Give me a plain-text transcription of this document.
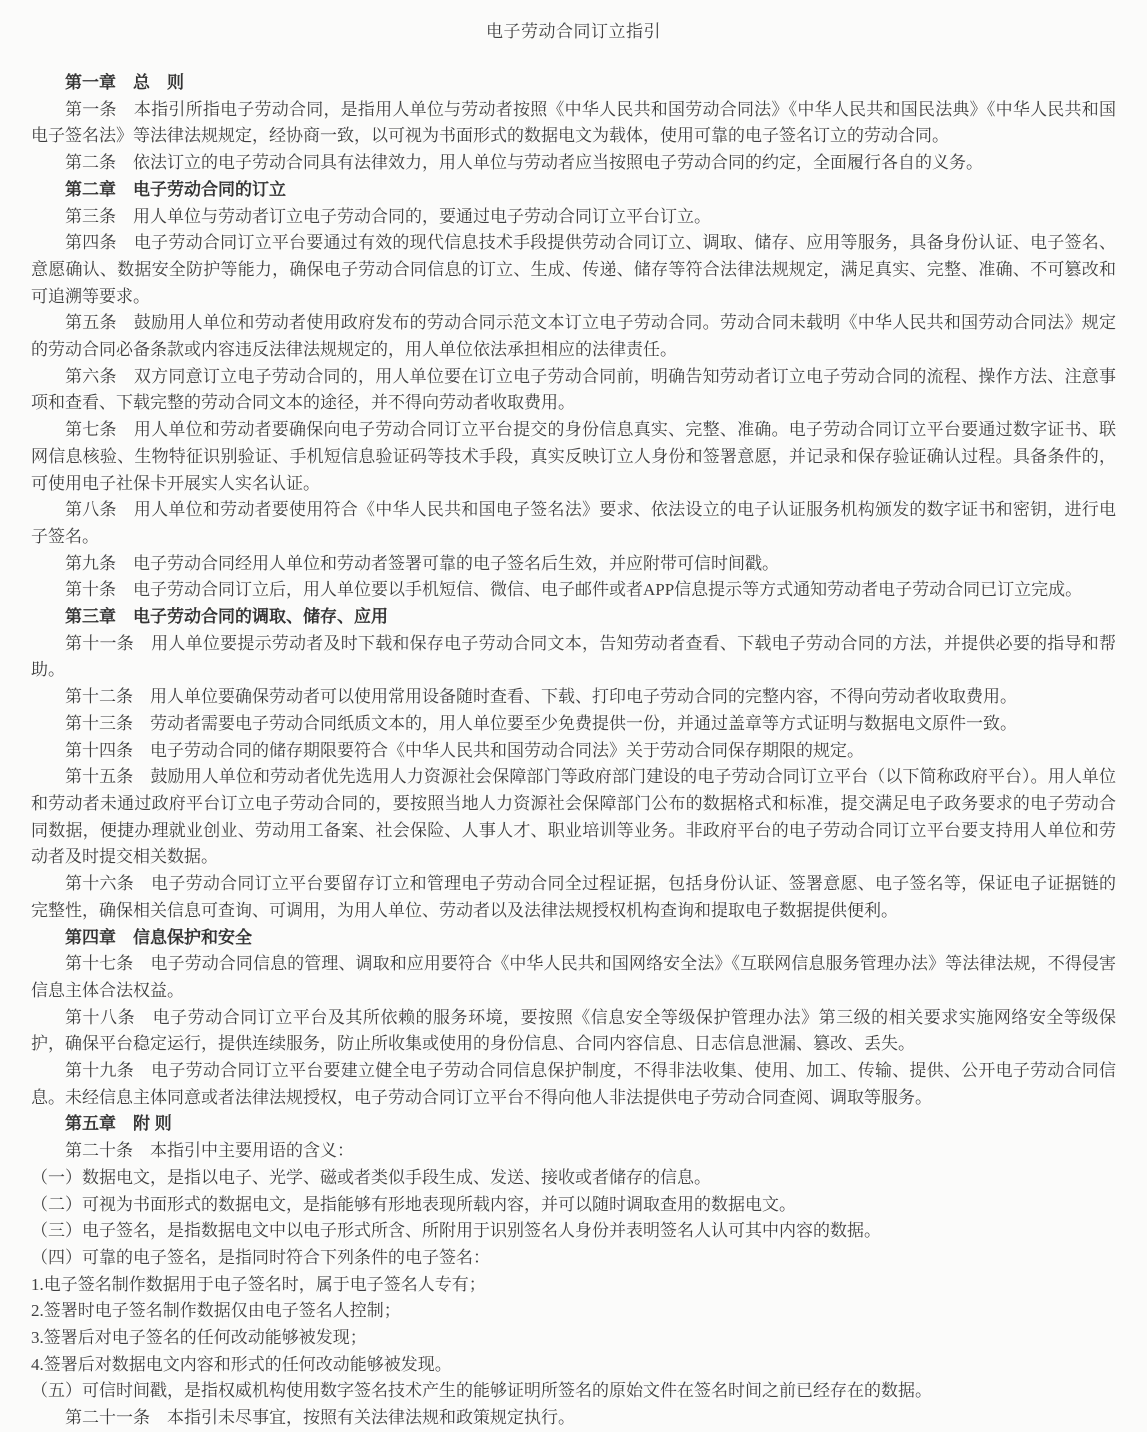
电子劳动合同订立指引

第一章　总　则

第一条　本指引所指电子劳动合同，是指用人单位与劳动者按照《中华人民共和国劳动合同法》《中华人民共和国民法典》《中华人民共和国电子签名法》等法律法规规定，经协商一致，以可视为书面形式的数据电文为载体，使用可靠的电子签名订立的劳动合同。

第二条　依法订立的电子劳动合同具有法律效力，用人单位与劳动者应当按照电子劳动合同的约定，全面履行各自的义务。

第二章　电子劳动合同的订立

第三条　用人单位与劳动者订立电子劳动合同的，要通过电子劳动合同订立平台订立。

第四条　电子劳动合同订立平台要通过有效的现代信息技术手段提供劳动合同订立、调取、储存、应用等服务，具备身份认证、电子签名、意愿确认、数据安全防护等能力，确保电子劳动合同信息的订立、生成、传递、储存等符合法律法规规定，满足真实、完整、准确、不可篡改和可追溯等要求。

第五条　鼓励用人单位和劳动者使用政府发布的劳动合同示范文本订立电子劳动合同。劳动合同未载明《中华人民共和国劳动合同法》规定的劳动合同必备条款或内容违反法律法规规定的，用人单位依法承担相应的法律责任。

第六条　双方同意订立电子劳动合同的，用人单位要在订立电子劳动合同前，明确告知劳动者订立电子劳动合同的流程、操作方法、注意事项和查看、下载完整的劳动合同文本的途径，并不得向劳动者收取费用。

第七条　用人单位和劳动者要确保向电子劳动合同订立平台提交的身份信息真实、完整、准确。电子劳动合同订立平台要通过数字证书、联网信息核验、生物特征识别验证、手机短信息验证码等技术手段，真实反映订立人身份和签署意愿，并记录和保存验证确认过程。具备条件的，可使用电子社保卡开展实人实名认证。

第八条　用人单位和劳动者要使用符合《中华人民共和国电子签名法》要求、依法设立的电子认证服务机构颁发的数字证书和密钥，进行电子签名。

第九条　电子劳动合同经用人单位和劳动者签署可靠的电子签名后生效，并应附带可信时间戳。

第十条　电子劳动合同订立后，用人单位要以手机短信、微信、电子邮件或者APP信息提示等方式通知劳动者电子劳动合同已订立完成。

第三章　电子劳动合同的调取、储存、应用

第十一条　用人单位要提示劳动者及时下载和保存电子劳动合同文本，告知劳动者查看、下载电子劳动合同的方法，并提供必要的指导和帮助。

第十二条　用人单位要确保劳动者可以使用常用设备随时查看、下载、打印电子劳动合同的完整内容，不得向劳动者收取费用。

第十三条　劳动者需要电子劳动合同纸质文本的，用人单位要至少免费提供一份，并通过盖章等方式证明与数据电文原件一致。

第十四条　电子劳动合同的储存期限要符合《中华人民共和国劳动合同法》关于劳动合同保存期限的规定。

第十五条　鼓励用人单位和劳动者优先选用人力资源社会保障部门等政府部门建设的电子劳动合同订立平台（以下简称政府平台）。用人单位和劳动者未通过政府平台订立电子劳动合同的，要按照当地人力资源社会保障部门公布的数据格式和标准，提交满足电子政务要求的电子劳动合同数据，便捷办理就业创业、劳动用工备案、社会保险、人事人才、职业培训等业务。非政府平台的电子劳动合同订立平台要支持用人单位和劳动者及时提交相关数据。

第十六条　电子劳动合同订立平台要留存订立和管理电子劳动合同全过程证据，包括身份认证、签署意愿、电子签名等，保证电子证据链的完整性，确保相关信息可查询、可调用，为用人单位、劳动者以及法律法规授权机构查询和提取电子数据提供便利。

第四章　信息保护和安全

第十七条　电子劳动合同信息的管理、调取和应用要符合《中华人民共和国网络安全法》《互联网信息服务管理办法》等法律法规，不得侵害信息主体合法权益。

第十八条　电子劳动合同订立平台及其所依赖的服务环境，要按照《信息安全等级保护管理办法》第三级的相关要求实施网络安全等级保护，确保平台稳定运行，提供连续服务，防止所收集或使用的身份信息、合同内容信息、日志信息泄漏、篡改、丢失。

第十九条　电子劳动合同订立平台要建立健全电子劳动合同信息保护制度，不得非法收集、使用、加工、传输、提供、公开电子劳动合同信息。未经信息主体同意或者法律法规授权，电子劳动合同订立平台不得向他人非法提供电子劳动合同查阅、调取等服务。

第五章　附 则

第二十条　本指引中主要用语的含义：

（一）数据电文，是指以电子、光学、磁或者类似手段生成、发送、接收或者储存的信息。

（二）可视为书面形式的数据电文，是指能够有形地表现所载内容，并可以随时调取查用的数据电文。

（三）电子签名，是指数据电文中以电子形式所含、所附用于识别签名人身份并表明签名人认可其中内容的数据。

（四）可靠的电子签名，是指同时符合下列条件的电子签名：

1.电子签名制作数据用于电子签名时，属于电子签名人专有；

2.签署时电子签名制作数据仅由电子签名人控制；

3.签署后对电子签名的任何改动能够被发现；

4.签署后对数据电文内容和形式的任何改动能够被发现。

（五）可信时间戳，是指权威机构使用数字签名技术产生的能够证明所签名的原始文件在签名时间之前已经存在的数据。

第二十一条　本指引未尽事宜，按照有关法律法规和政策规定执行。
